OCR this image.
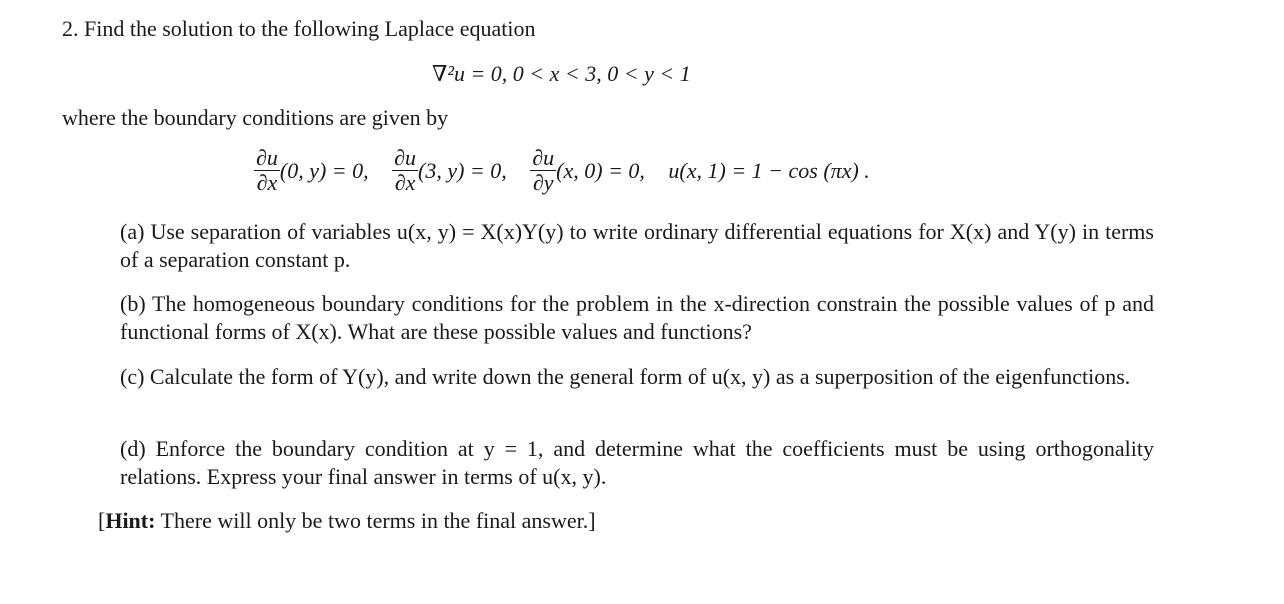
2. Find the solution to the following Laplace equation
∇²u = 0, 0 < x < 3, 0 < y < 1
where the boundary conditions are given by
$\frac{\partial u}{\partial x} (0$, y) = 0, $\frac{\partial u}{\partial x} (3$, y) = 0, $\frac{\partial u}{\partial y} (x$, 0) = 0, u(x, 1) = 1 − cos (πx) .
(a) Use separation of variables u(x, y) = X(x)Y(y) to write ordinary differential equations for X(x) and Y(y) in terms of a separation constant p.
(b) The homogeneous boundary conditions for the problem in the x-direction constrain the possible values of p and functional forms of X(x). What are these possible values and functions?
(c) Calculate the form of Y(y), and write down the general form of u(x, y) as a superposition of the eigenfunctions.
(d) Enforce the boundary condition at y = 1, and determine what the coefficients must be using orthogonality relations. Express your final answer in terms of u(x, y).
[Hint: There will only be two terms in the final answer.]
